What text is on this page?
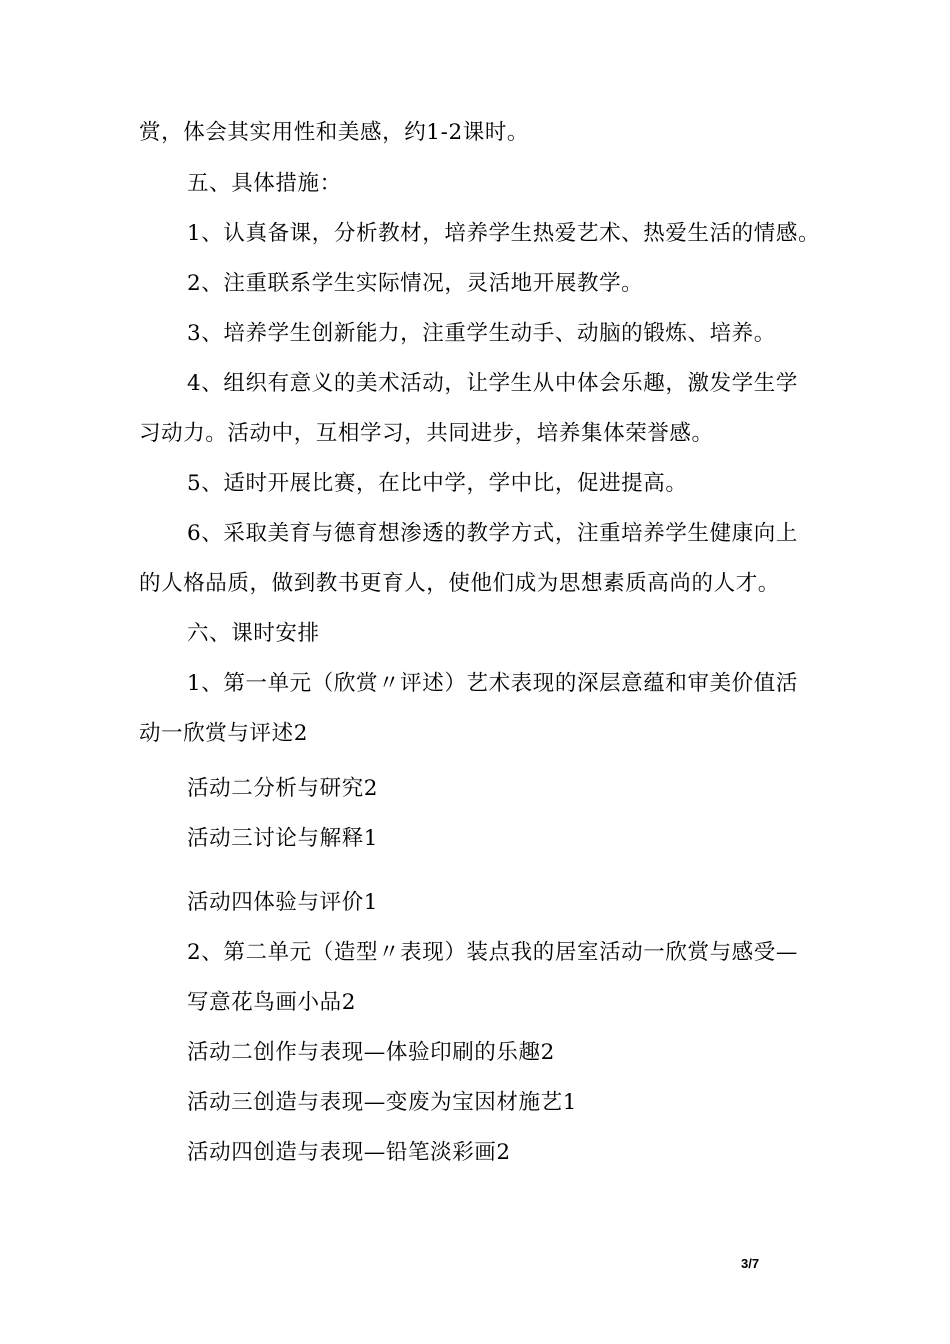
赏，体会其实用性和美感，约1-2课时。
五、具体措施：
1、认真备课，分析教材，培养学生热爱艺术、热爱生活的情感。
2、注重联系学生实际情况，灵活地开展教学。
3、培养学生创新能力，注重学生动手、动脑的锻炼、培养。
4、组织有意义的美术活动，让学生从中体会乐趣，激发学生学
习动力。活动中，互相学习，共同进步，培养集体荣誉感。
5、适时开展比赛，在比中学，学中比，促进提高。
6、采取美育与德育想渗透的教学方式，注重培养学生健康向上
的人格品质，做到教书更育人，使他们成为思想素质高尚的人才。
六、课时安排
1、第一单元（欣赏〃评述）艺术表现的深层意蕴和审美价值活
动一欣赏与评述2
活动二分析与研究2
活动三讨论与解释1
活动四体验与评价1
2、第二单元（造型〃表现）装点我的居室活动一欣赏与感受—
写意花鸟画小品2
活动二创作与表现—体验印刷的乐趣2
活动三创造与表现—变废为宝因材施艺1
活动四创造与表现—铅笔淡彩画2
3/7
